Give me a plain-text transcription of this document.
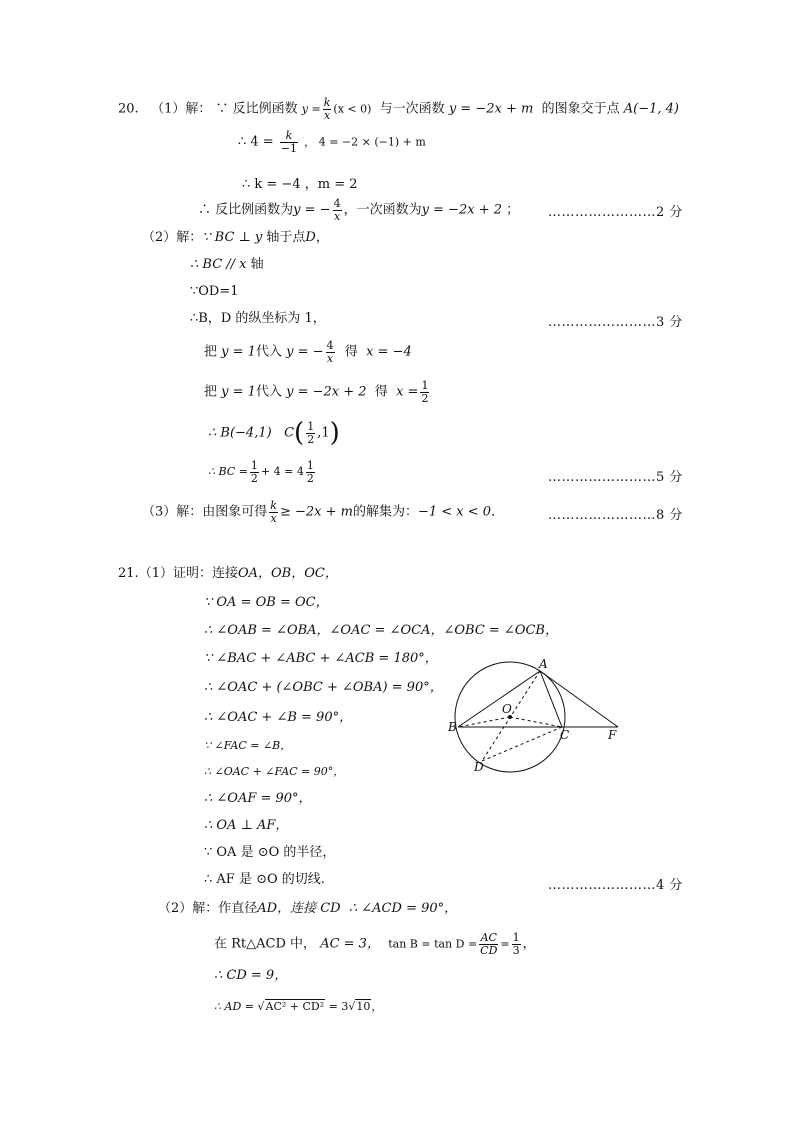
20. （1）解： ∵ 反比例函数 $y = \frac{k}{x} (x < 0)$ 与一次函数 y = −2x + m 的图象交于点 A(−1, 4)
∴ $4 = \frac{k}{-1}$ ， 4 = −2 × (−1) + m
∴ k = −4 ，m = 2
∴ 反比例函数为y = − $\frac{4}{x}$ ，一次函数为y = −2x + 2 ； ……………………2 分
（2）解：∵ BC ⊥ y 轴于点D，
∴ BC // x 轴
∵OD=1
∴B，D 的纵坐标为 1，	……………………3 分
把 y = 1代入 y = − $\frac{4}{x}$ 得 x = −4
把 y = 1代入 y = −2x + 2 得 $x = \frac{1}{2}$
∴ B(−4,1) $C( \frac{1}{2} ,1)$
∴ BC = $\frac{1}{2} + 4 = 4 \frac{1}{2}$	……………………5 分
（3）解：由图象可得 $\frac{k}{x} \ge -2x + m$的解集为：−1 < x < 0．	……………………8 分
21.（1）证明：连接OA，OB，OC，
∵ OA = OB = OC，
∴ ∠OAB = ∠OBA，∠OAC = ∠OCA，∠OBC = ∠OCB，
∵ ∠BAC + ∠ABC + ∠ACB = 180°，
∴ ∠OAC + (∠OBC + ∠OBA) = 90°，
∴ ∠OAC + ∠B = 90°，
∵ ∠FAC = ∠B，
∴ ∠OAC + ∠FAC = 90°，
∴ ∠OAF = 90°，
∴ OA ⊥ AF，
∵ OA 是 ⊙O 的半径，
∴ AF 是 ⊙O 的切线.	……………………4 分
（2）解：作直径AD，连接 CD ∴ ∠ACD = 90°，
在 Rt△ACD 中， AC = 3， $\tan B = \tan D = \frac{AC}{CD} = \frac{1}{3}$ ，
∴ CD = 9，
∴ AD = √AC² + CD² = 3√10，
A
B
C
O
D
F
